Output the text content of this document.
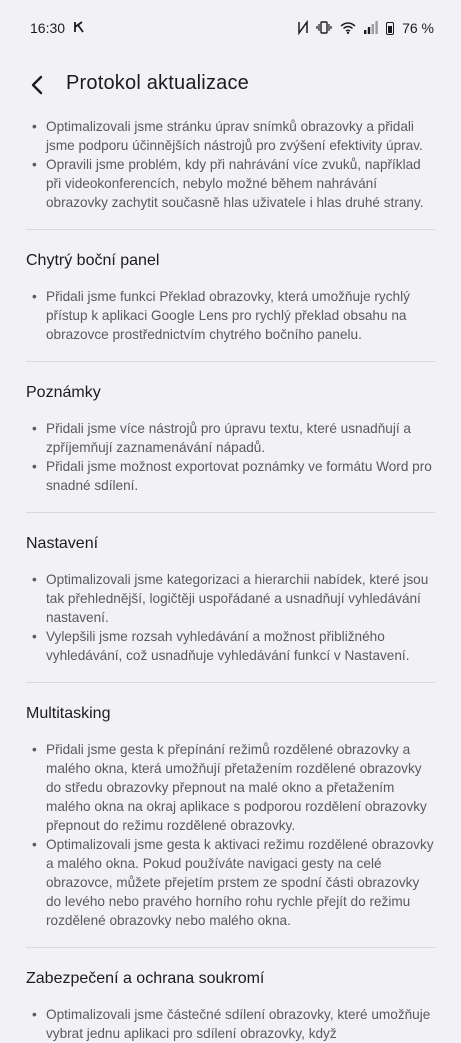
16:30	76 %
Protokol aktualizace
• Optimalizovali jsme stránku úprav snímků obrazovky a přidali jsme podporu účinnějších nástrojů pro zvýšení efektivity úprav.
• Opravili jsme problém, kdy při nahrávání více zvuků, například při videokonferencích, nebylo možné během nahrávání obrazovky zachytit současně hlas uživatele i hlas druhé strany.
Chytrý boční panel
• Přidali jsme funkci Překlad obrazovky, která umožňuje rychlý přístup k aplikaci Google Lens pro rychlý překlad obsahu na obrazovce prostřednictvím chytrého bočního panelu.
Poznámky
• Přidali jsme více nástrojů pro úpravu textu, které usnadňují a zpříjemňují zaznamenávání nápadů.
• Přidali jsme možnost exportovat poznámky ve formátu Word pro snadné sdílení.
Nastavení
• Optimalizovali jsme kategorizaci a hierarchii nabídek, které jsou tak přehlednější, logičtěji uspořádané a usnadňují vyhledávání nastavení.
• Vylepšili jsme rozsah vyhledávání a možnost přibližného vyhledávání, což usnadňuje vyhledávání funkcí v Nastavení.
Multitasking
• Přidali jsme gesta k přepínání režimů rozdělené obrazovky a malého okna, která umožňují přetažením rozdělené obrazovky do středu obrazovky přepnout na malé okno a přetažením malého okna na okraj aplikace s podporou rozdělení obrazovky přepnout do režimu rozdělené obrazovky.
• Optimalizovali jsme gesta k aktivaci režimu rozdělené obrazovky a malého okna. Pokud používáte navigaci gesty na celé obrazovce, můžete přejetím prstem ze spodní části obrazovky do levého nebo pravého horního rohu rychle přejít do režimu rozdělené obrazovky nebo malého okna.
Zabezpečení a ochrana soukromí
• Optimalizovali jsme částečné sdílení obrazovky, které umožňuje vybrat jednu aplikaci pro sdílení obrazovky, když
